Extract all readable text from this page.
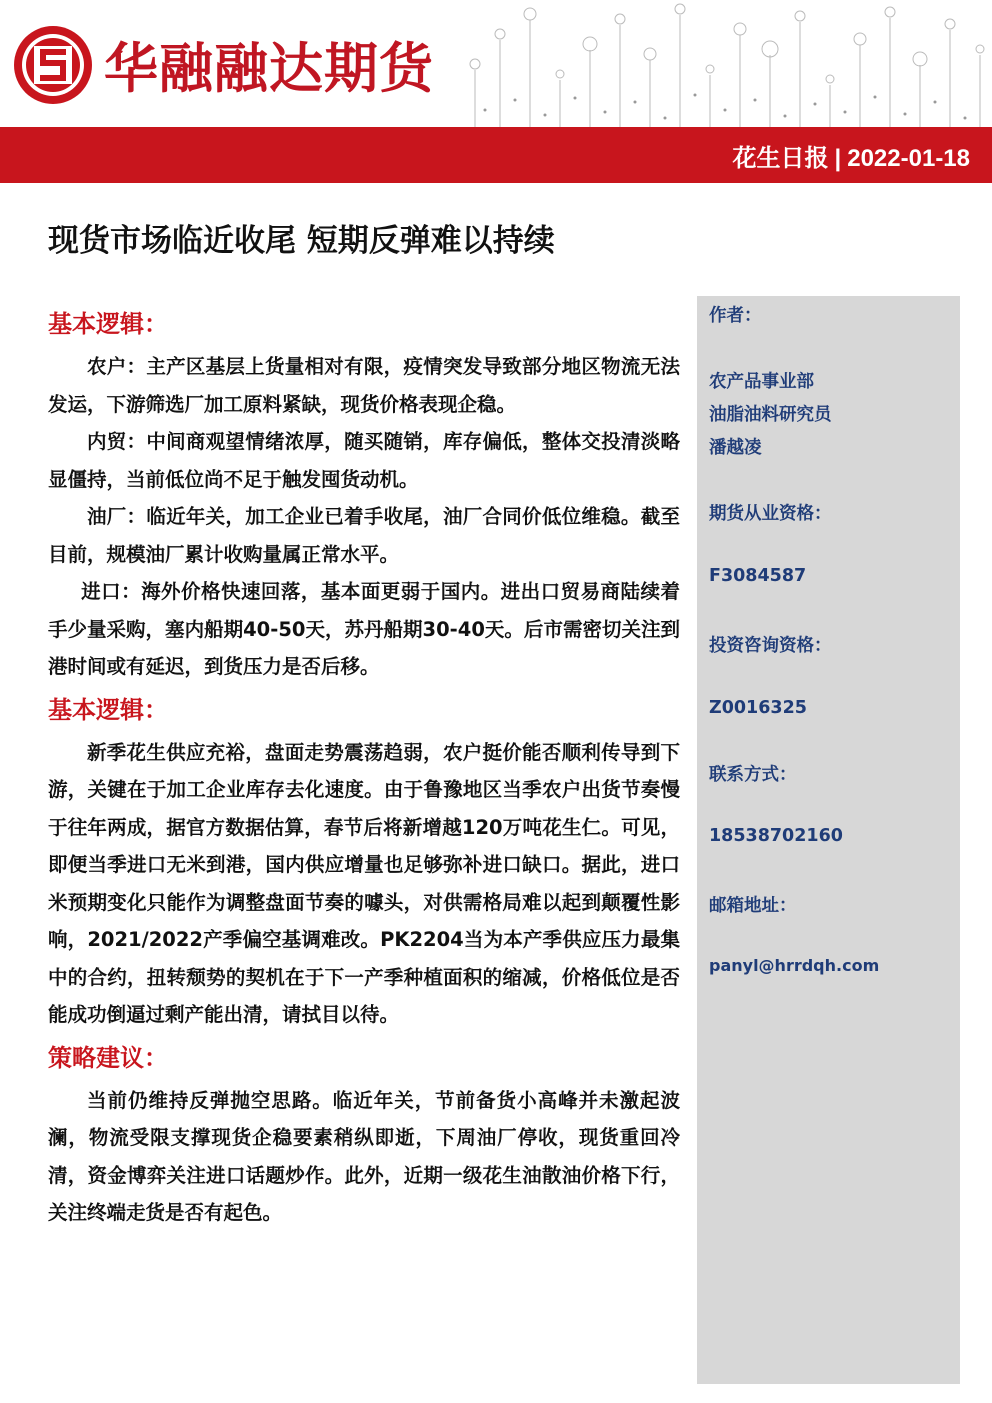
华融融达期货
花生日报 | 2022-01-18
现货市场临近收尾 短期反弹难以持续
基本逻辑：

农户：主产区基层上货量相对有限，疫情突发导致部分地区物流无法发运，下游筛选厂加工原料紧缺，现货价格表现企稳。

内贸：中间商观望情绪浓厚，随买随销，库存偏低，整体交投清淡略显僵持，当前低位尚不足于触发囤货动机。

油厂：临近年关，加工企业已着手收尾，油厂合同价低位维稳。截至目前，规模油厂累计收购量属正常水平。

进口：海外价格快速回落，基本面更弱于国内。进出口贸易商陆续着手少量采购，塞内船期40-50天，苏丹船期30-40天。后市需密切关注到港时间或有延迟，到货压力是否后移。

基本逻辑：

新季花生供应充裕，盘面走势震荡趋弱，农户挺价能否顺利传导到下游，关键在于加工企业库存去化速度。由于鲁豫地区当季农户出货节奏慢于往年两成，据官方数据估算，春节后将新增越120万吨花生仁。可见，即便当季进口无米到港，国内供应增量也足够弥补进口缺口。据此，进口米预期变化只能作为调整盘面节奏的噱头，对供需格局难以起到颠覆性影响，2021/2022产季偏空基调难改。PK2204当为本产季供应压力最集中的合约，扭转颓势的契机在于下一产季种植面积的缩减，价格低位是否能成功倒逼过剩产能出清，请拭目以待。

策略建议：

当前仍维持反弹抛空思路。临近年关，节前备货小高峰并未激起波澜，物流受限支撑现货企稳要素稍纵即逝，下周油厂停收，现货重回冷清，资金博弈关注进口话题炒作。此外，近期一级花生油散油价格下行，关注终端走货是否有起色。

作者：
农产品事业部
油脂油料研究员
潘越凌
期货从业资格：
F3084587
投资咨询资格：
Z0016325
联系方式：
18538702160
邮箱地址：
panyl@hrrdqh.com
